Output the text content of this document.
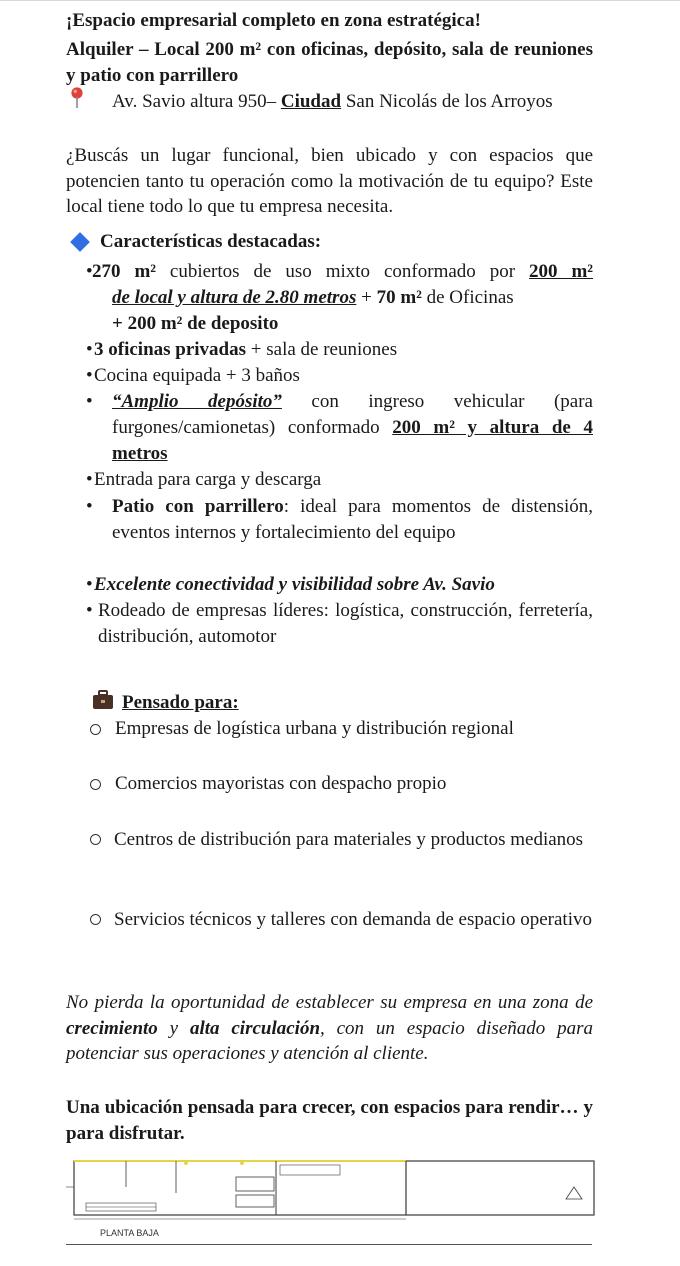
¡Espacio empresarial completo en zona estratégica!
Alquiler – Local 200 m² con oficinas, depósito, sala de reuniones y patio con parrillero
Av. Savio altura 950– Ciudad San Nicolás de los Arroyos
¿Buscás un lugar funcional, bien ubicado y con espacios que potencien tanto tu operación como la motivación de tu equipo? Este local tiene todo lo que tu empresa necesita.
Características destacadas:
• 270 m² cubiertos de uso mixto conformado por 200 m²
de local y altura de 2.80 metros + 70 m² de Oficinas
+ 200 m² de deposito
• 3 oficinas privadas + sala de reuniones
• Cocina equipada + 3 baños
• “Amplio depósito” con ingreso vehicular (para furgones/camionetas) conformado 200 m² y altura de 4 metros
• Entrada para carga y descarga
• Patio con parrillero: ideal para momentos de distensión, eventos internos y fortalecimiento del equipo
• Excelente conectividad y visibilidad sobre Av. Savio
• Rodeado de empresas líderes: logística, construcción, ferretería, distribución, automotor
Pensado para:
Empresas de logística urbana y distribución regional
Comercios mayoristas con despacho propio
Centros de distribución para materiales y productos medianos
Servicios técnicos y talleres con demanda de espacio operativo
No pierda la oportunidad de establecer su empresa en una zona de crecimiento y alta circulación, con un espacio diseñado para potenciar sus operaciones y atención al cliente.
Una ubicación pensada para crecer, con espacios para rendir… y para disfrutar.
PLANTA BAJA
